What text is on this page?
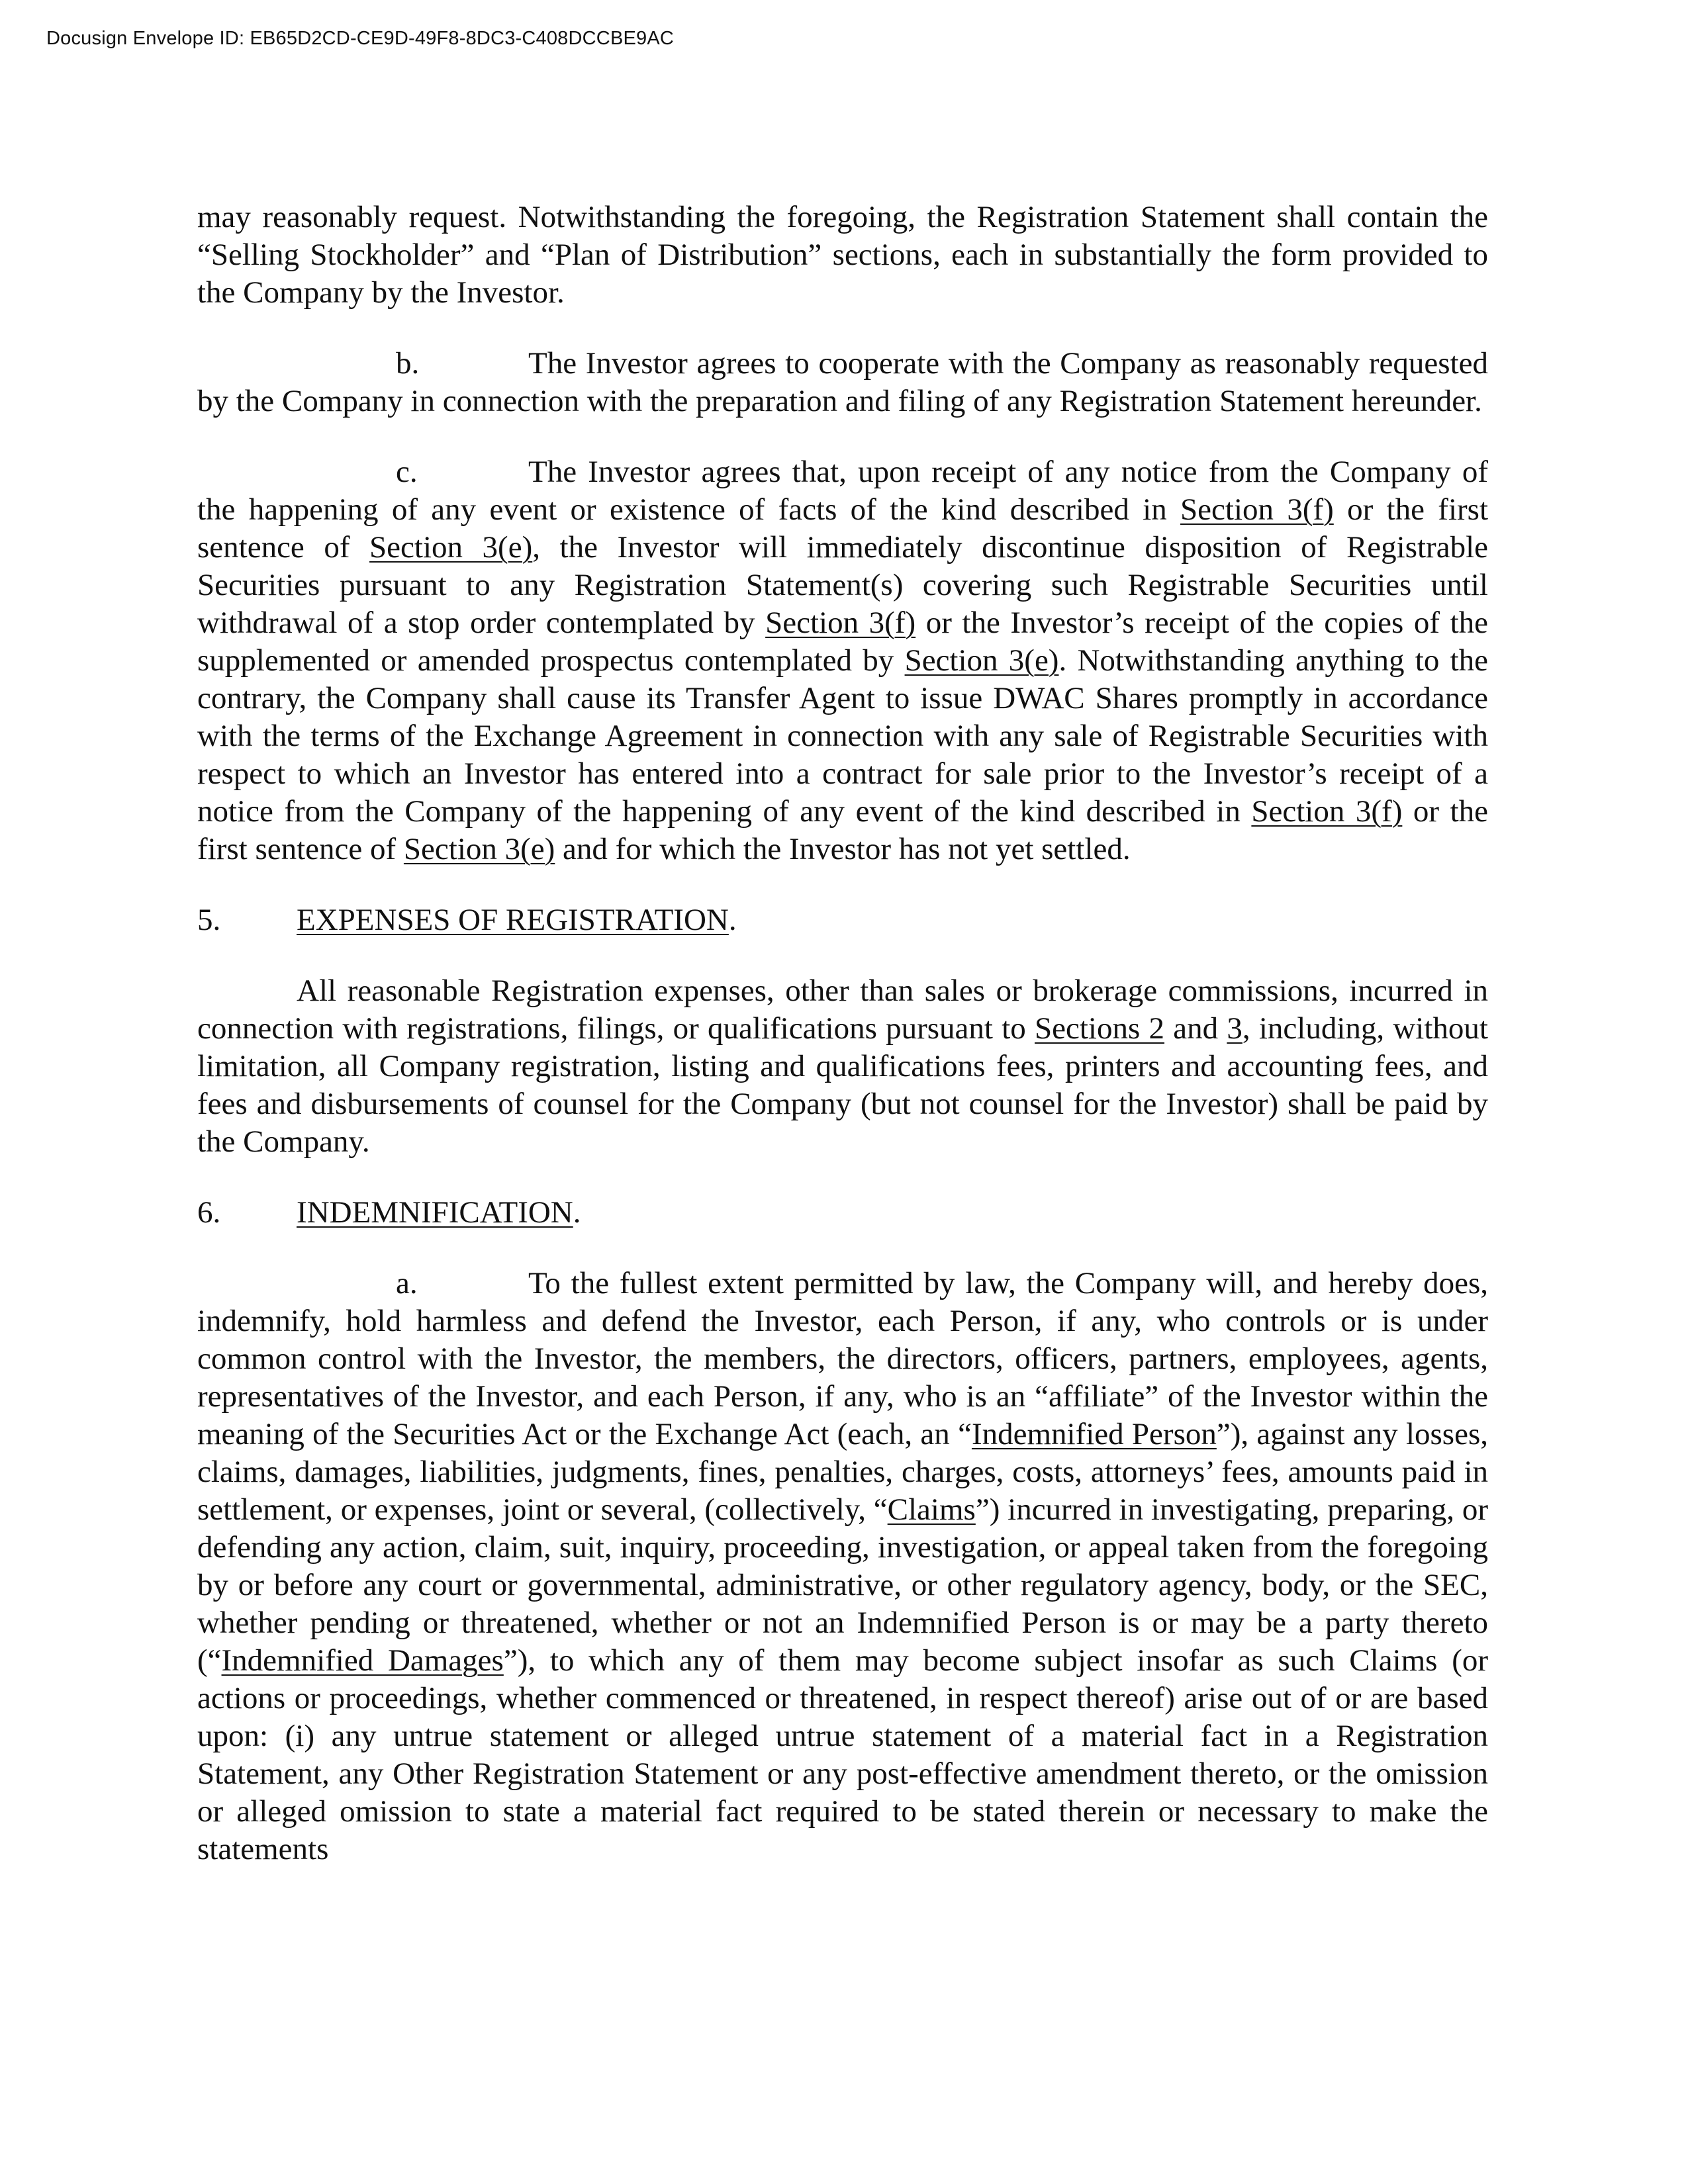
Docusign Envelope ID: EB65D2CD-CE9D-49F8-8DC3-C408DCCBE9AC

may reasonably request. Notwithstanding the foregoing, the Registration Statement shall contain the “Selling Stockholder” and “Plan of Distribution” sections, each in substantially the form provided to the Company by the Investor.

b.	The Investor agrees to cooperate with the Company as reasonably requested by the Company in connection with the preparation and filing of any Registration Statement hereunder.

c.	The Investor agrees that, upon receipt of any notice from the Company of the happening of any event or existence of facts of the kind described in Section 3(f) or the first sentence of Section 3(e), the Investor will immediately discontinue disposition of Registrable Securities pursuant to any Registration Statement(s) covering such Registrable Securities until withdrawal of a stop order contemplated by Section 3(f) or the Investor’s receipt of the copies of the supplemented or amended prospectus contemplated by Section 3(e). Notwithstanding anything to the contrary, the Company shall cause its Transfer Agent to issue DWAC Shares promptly in accordance with the terms of the Exchange Agreement in connection with any sale of Registrable Securities with respect to which an Investor has entered into a contract for sale prior to the Investor’s receipt of a notice from the Company of the happening of any event of the kind described in Section 3(f) or the first sentence of Section 3(e) and for which the Investor has not yet settled.

5. EXPENSES OF REGISTRATION.

All reasonable Registration expenses, other than sales or brokerage commissions, incurred in connection with registrations, filings, or qualifications pursuant to Sections 2 and 3, including, without limitation, all Company registration, listing and qualifications fees, printers and accounting fees, and fees and disbursements of counsel for the Company (but not counsel for the Investor) shall be paid by the Company.

6. INDEMNIFICATION.

a.	To the fullest extent permitted by law, the Company will, and hereby does, indemnify, hold harmless and defend the Investor, each Person, if any, who controls or is under common control with the Investor, the members, the directors, officers, partners, employees, agents, representatives of the Investor, and each Person, if any, who is an “affiliate” of the Investor within the meaning of the Securities Act or the Exchange Act (each, an “Indemnified Person”), against any losses, claims, damages, liabilities, judgments, fines, penalties, charges, costs, attorneys’ fees, amounts paid in settlement, or expenses, joint or several, (collectively, “Claims”) incurred in investigating, preparing, or defending any action, claim, suit, inquiry, proceeding, investigation, or appeal taken from the foregoing by or before any court or governmental, administrative, or other regulatory agency, body, or the SEC, whether pending or threatened, whether or not an Indemnified Person is or may be a party thereto (“Indemnified Damages”), to which any of them may become subject insofar as such Claims (or actions or proceedings, whether commenced or threatened, in respect thereof) arise out of or are based upon: (i) any untrue statement or alleged untrue statement of a material fact in a Registration Statement, any Other Registration Statement or any post-effective amendment thereto, or the omission or alleged omission to state a material fact required to be stated therein or necessary to make the statements
